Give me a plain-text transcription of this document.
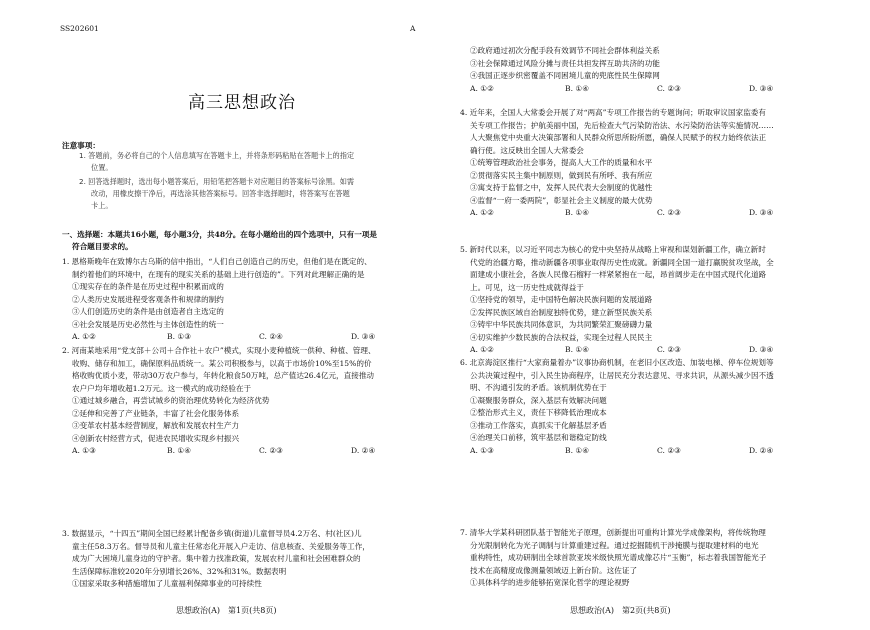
SS202601	A
高三思想政治
注意事项：
1. 答题前，务必将自己的个人信息填写在答题卡上，并将条形码粘贴在答题卡上的指定
位置。
2. 回答选择题时，选出每小题答案后，用铅笔把答题卡对应题目的答案标号涂黑。如需
改动，用橡皮擦干净后，再选涂其他答案标号。回答非选择题时，将答案写在答题
卡上。
一、选择题：本题共16小题，每小题3分，共48分。在每小题给出的四个选项中，只有一项是
符合题目要求的。
1. 恩格斯晚年在致博尔古乌斯的信中指出，“人们自己创造自己的历史，但他们是在既定的、
制约着他们的环境中，在现有的现实关系的基础上进行创造的”。下列对此理解正确的是
①现实存在的条件是在历史过程中积累而成的
②人类历史发展进程受客观条件和规律的制约
③人们创造历史的条件是由创造者自主选定的
④社会发展是历史必然性与主体创造性的统一
A. ①②	B. ①③	C. ②④	D. ③④
2. 河南某地采用“党支部＋公司＋合作社＋农户”模式，实现小麦种植统一供种、种植、管理、
收购、储存和加工，确保原料品质统一。某公司积极参与，以高于市场价10%至15%的价
格收购优质小麦，带动30万农户参与，年转化粮食50万吨，总产值达26.4亿元，直接推动
农户户均年增收超1.2万元。这一模式的成功经验在于
①通过城乡融合，再尝试城乡的资治理优势转化为经济优势
②延伸和完善了产业链条，丰富了社会化服务体系
③变革农村基本经营制度，解放和发展农村生产力
④创新农村经营方式，促进农民增收实现乡村振兴
A. ①③	B. ①④	C. ②③	D. ②④
3. 数据显示，“十四五”期间全国已经累计配备乡镇(街道)儿童督导员4.2万名、村(社区)儿
童主任58.3万名。督导员和儿童主任常态化开展入户走访、信息核查、关爱服务等工作，
成为广大困境儿童身边的守护者。集中着力找准政策，发展农村儿童和社会困难群众的
生活保障标准较2020年分别增长26%、32%和31%。数据表明
①国家采取多种措施增加了儿童福利保障事业的可持续性
思想政治(A)　第1页(共8页)
②政府通过初次分配手段有效调节不同社会群体利益关系
③社会保障通过风险分摊与责任共担发挥互助共济的功能
④我国正逐步织密覆盖不同困境儿童的兜底性民生保障网
A. ①②	B. ①④	C. ②③	D. ③④
4. 近年来，全国人大常委会开展了对“两高”专项工作报告的专题询问；听取审议国家监委有
关专项工作报告；护航美丽中国，先后检查大气污染防治法、水污染防治法等实施情况……
人大聚焦党中央重大决策部署和人民群众所思所盼所愿，确保人民赋予的权力始终依法正
确行使。这反映出全国人大常委会
①统筹管理政治社会事务，提高人大工作的质量和水平
②贯彻落实民主集中制原则，做到民有所呼、我有所应
③寓支持于监督之中，发挥人民代表大会制度的优越性
④监督“一府一委两院”，彰显社会主义制度的最大优势
A. ①②	B. ①④	C. ②③	D. ③④
5. 新时代以来，以习近平同志为核心的党中央坚持从战略上审视和谋划新疆工作，确立新时
代党的治疆方略，推动新疆各项事业取得历史性成就。新疆同全国一道打赢脱贫攻坚战，全
面建成小康社会，各族人民像石榴籽一样紧紧抱在一起，昂首阔步走在中国式现代化道路
上。可见，这一历史性成就得益于
①坚持党的领导，走中国特色解决民族问题的发展道路
②发挥民族区域自治制度独特优势，建立新型民族关系
③铸牢中华民族共同体意识，为共同繁荣汇聚磅礴力量
④切实维护少数民族的合法权益，实现全过程人民民主
A. ①②	B. ①④	C. ②③	D. ③④
6. 北京海淀区推行“大家商量着办”议事协商机制，在老旧小区改造、加装电梯、停车位规划等
公共决策过程中，引入民生协商程序，让居民充分表达意见、寻求共识，从源头减少因不透
明、不沟通引发的矛盾。该机制优势在于
①凝聚服务群众，深入基层有效解决问题
②整治形式主义，责任下移降低治理成本
③推动工作落实，真抓实干化解基层矛盾
④治理关口前移，筑牢基层和谐稳定防线
A. ①③	B. ①④	C. ②③	D. ②④
7. 清华大学某科研团队基于智能光子原理，创新提出可重构计算光学成像架构，将传统物理
分光限制转化为光子调制与计算重建过程。通过挖掘随机干涉掩膜与提取建材料的电光
重构特性，成功研制出全球首款亚埃米级快照光谱成像芯片“玉衡”，标志着我国智能光子
技术在高精度成像测量领域迈上新台阶。这佐证了
①具体科学的进步能够拓宽深化哲学的理论视野
思想政治(A)　第2页(共8页)
